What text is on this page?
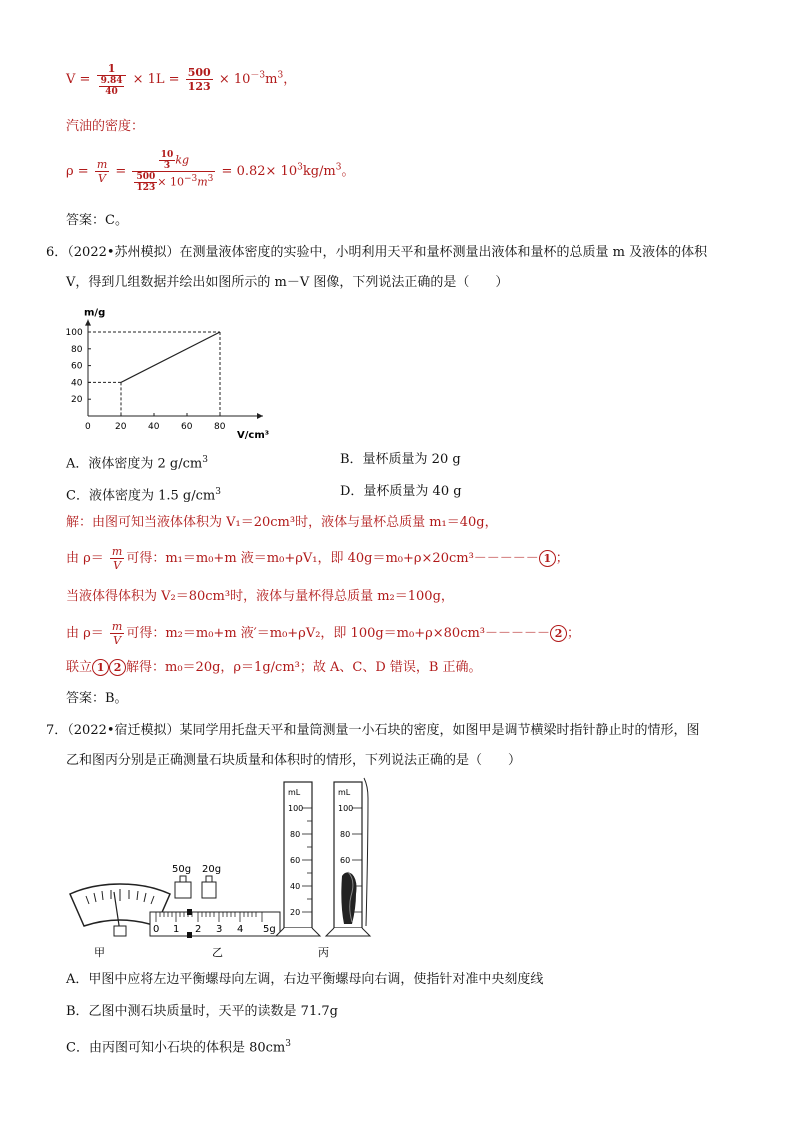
$V = \frac{1}{\frac{9.84}{40}} \times 1L = \frac{500}{123} \times 10^{-3}m^3$，
汽油的密度：
$\rho = \frac{m}{V} = \frac{\frac{10}{3} kg}{\frac{500}{123} \times 10^{-3}m^3} = 0.82\times 10^3kg/m^3$。
答案：C。
6．（2022•苏州模拟）在测量液体密度的实验中，小明利用天平和量杯测量出液体和量杯的总质量 m 及液体的体积
V，得到几组数据并绘出如图所示的 m－V 图像，下列说法正确的是（　　）
m/g
V/cm³
0	20 40 60 80
20
40
60
80
100
A．液体密度为 2 $g/cm^3$	B．量杯质量为 20 g
C．液体密度为 1.5 $g/cm^3$	D．量杯质量为 40 g
解：由图可知当液体体积为 V₁＝20cm³时，液体与量杯总质量 m₁＝40g，
由 $\rho= \frac{m}{V}$ 可得：m₁＝m₀+m 液＝m₀+ρV₁，即 40g＝m₀+ρ×20cm³－－－－－ 1 ；
当液体得体积为 V₂＝80cm³时，液体与量杯得总质量 m₂＝100g，
由 $\rho= \frac{m}{V}$ 可得：m₂＝m₀+m 液′＝m₀+ρV₂，即 100g＝m₀+ρ×80cm³－－－－－ 2 ；
联立 1 2 解得：m₀＝20g，ρ＝1g/cm³；故 A、C、D 错误，B 正确。
答案：B。
7．（2022•宿迁模拟）某同学用托盘天平和量筒测量一小石块的密度，如图甲是调节横梁时指针静止时的情形，图
乙和图丙分别是正确测量石块质量和体积时的情形，下列说法正确的是（　　）
甲
50g 20g
0 1 2 3 4 5g
乙
mL
100
80
60
40
20
mL
100
80
60
丙
A．甲图中应将左边平衡螺母向左调，右边平衡螺母向右调，使指针对准中央刻度线
B．乙图中测石块质量时，天平的读数是 71.7g
C．由丙图可知小石块的体积是 $80cm^3$
